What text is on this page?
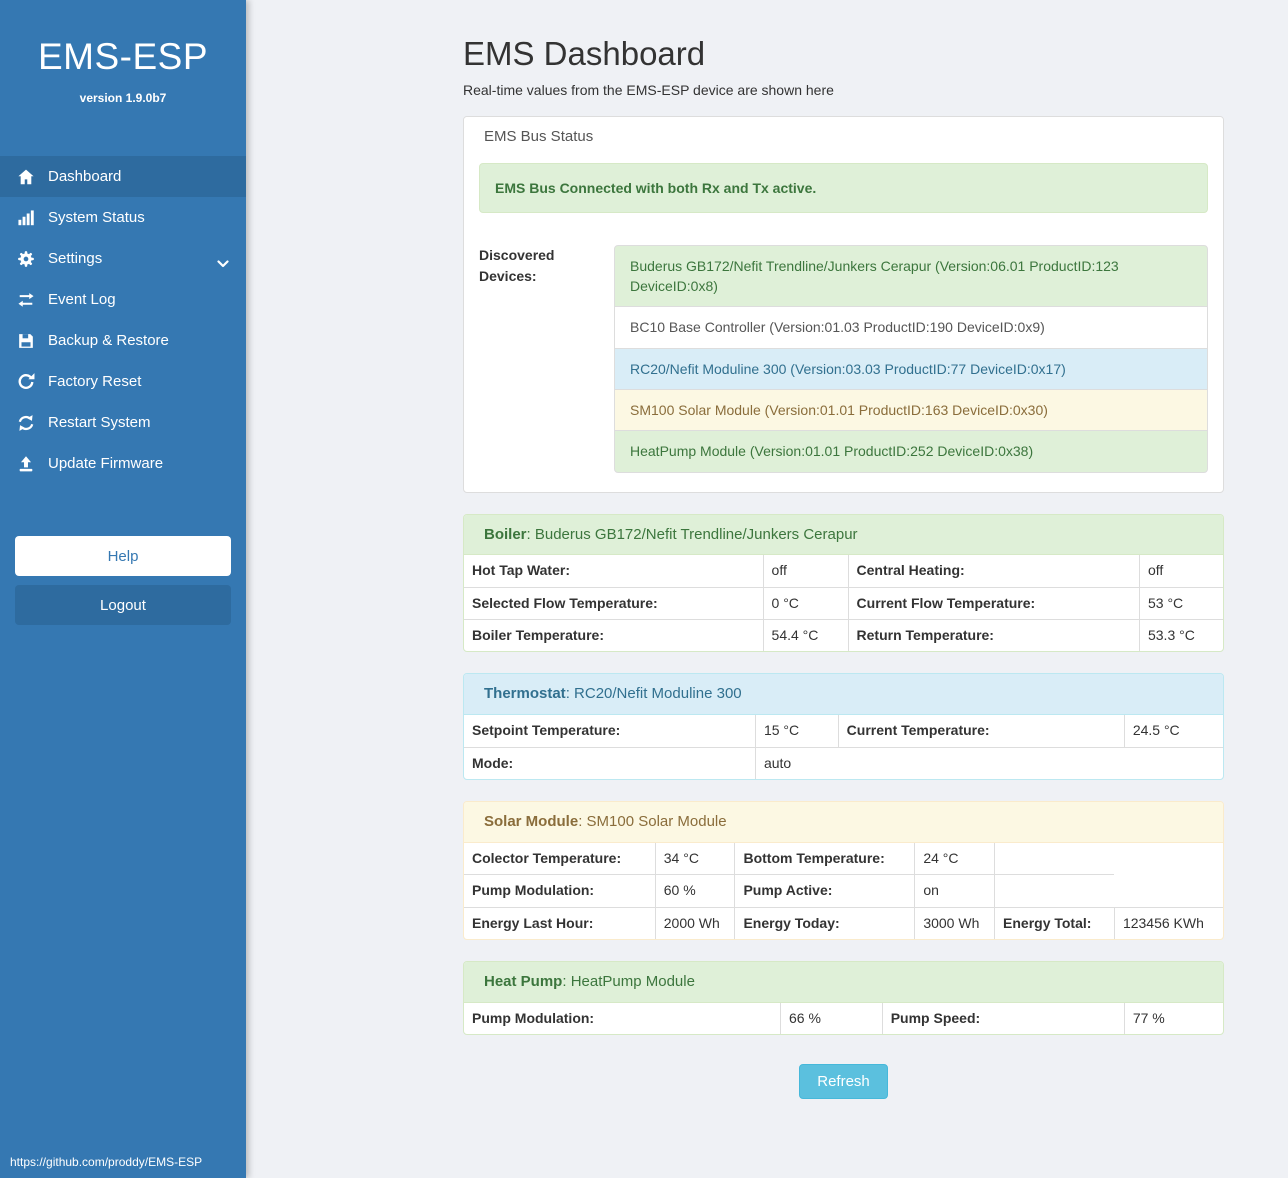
EMS-ESP
version 1.9.0b7
Dashboard
System Status
Settings
Event Log
Backup & Restore
Factory Reset
Restart System
Update Firmware
Help
Logout
https://github.com/proddy/EMS-ESP
EMS Dashboard

Real-time values from the EMS-ESP device are shown here

EMS Bus Status
EMS Bus Connected with both Rx and Tx active.
Discovered Devices:
Buderus GB172/Nefit Trendline/Junkers Cerapur (Version:06.01 ProductID:123 DeviceID:0x8)
BC10 Base Controller (Version:01.03 ProductID:190 DeviceID:0x9)
RC20/Nefit Moduline 300 (Version:03.03 ProductID:77 DeviceID:0x17)
SM100 Solar Module (Version:01.01 ProductID:163 DeviceID:0x30)
HeatPump Module (Version:01.01 ProductID:252 DeviceID:0x38)
Boiler: Buderus GB172/Nefit Trendline/Junkers Cerapur
Hot Tap Water:	off	Central Heating:	off
Selected Flow Temperature:	0 °C	Current Flow Temperature:	53 °C
Boiler Temperature:	54.4 °C	Return Temperature:	53.3 °C
Thermostat: RC20/Nefit Moduline 300
Setpoint Temperature:	15 °C	Current Temperature:	24.5 °C
Mode:	auto		
Solar Module: SM100 Solar Module
Colector Temperature:	34 °C	Bottom Temperature:	24 °C		
Pump Modulation:	60 %	Pump Active:	on		
Energy Last Hour:	2000 Wh	Energy Today:	3000 Wh	Energy Total:	123456 KWh
Heat Pump: HeatPump Module
Pump Modulation:	66 %	Pump Speed:	77 %
Refresh
